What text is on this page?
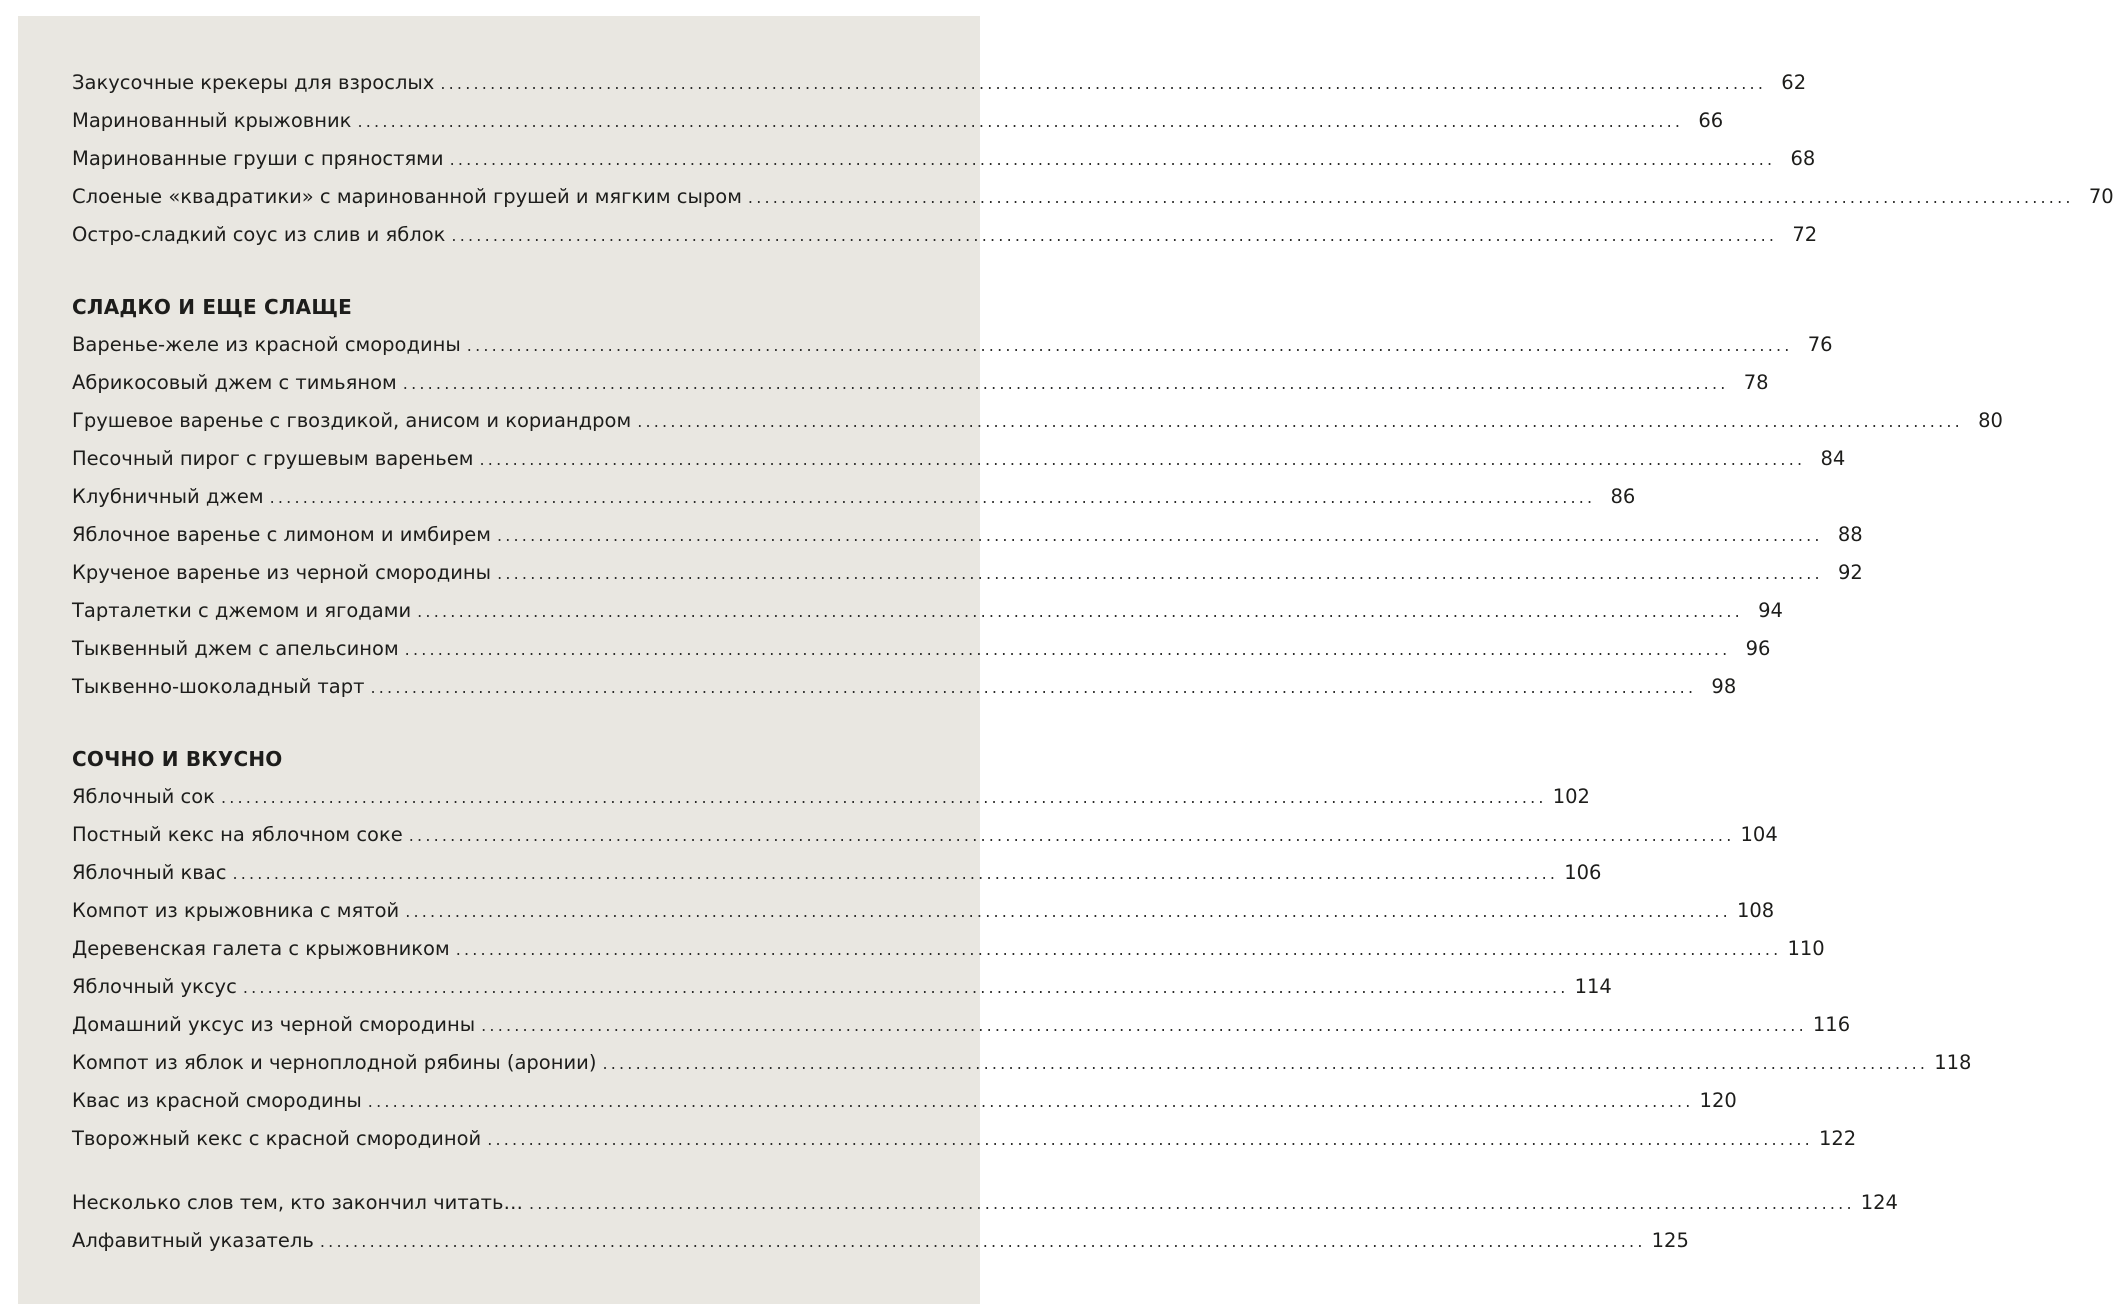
Закусочные крекеры для взрослых ................................................................................................................................................................ 62
Маринованный крыжовник ................................................................................................................................................................ 66
Маринованные груши с пряностями ................................................................................................................................................................ 68
Слоеные «квадратики» с маринованной грушей и мягким сыром ................................................................................................................................................................ 70
Остро-сладкий соус из слив и яблок ................................................................................................................................................................ 72
СЛАДКО И ЕЩЕ СЛАЩЕ
Варенье-желе из красной смородины ................................................................................................................................................................ 76
Абрикосовый джем с тимьяном ................................................................................................................................................................ 78
Грушевое варенье с гвоздикой, анисом и кориандром ................................................................................................................................................................ 80
Песочный пирог с грушевым вареньем ................................................................................................................................................................ 84
Клубничный джем ................................................................................................................................................................ 86
Яблочное варенье с лимоном и имбирем ................................................................................................................................................................ 88
Крученое варенье из черной смородины ................................................................................................................................................................ 92
Тарталетки с джемом и ягодами ................................................................................................................................................................ 94
Тыквенный джем с апельсином ................................................................................................................................................................ 96
Тыквенно-шоколадный тарт ................................................................................................................................................................ 98
СОЧНО И ВКУСНО
Яблочный сок ................................................................................................................................................................ 102
Постный кекс на яблочном соке ................................................................................................................................................................ 104
Яблочный квас ................................................................................................................................................................ 106
Компот из крыжовника с мятой ................................................................................................................................................................ 108
Деревенская галета с крыжовником ................................................................................................................................................................ 110
Яблочный уксус ................................................................................................................................................................ 114
Домашний уксус из черной смородины ................................................................................................................................................................ 116
Компот из яблок и черноплодной рябины (аронии) ................................................................................................................................................................ 118
Квас из красной смородины ................................................................................................................................................................ 120
Творожный кекс с красной смородиной ................................................................................................................................................................ 122
Несколько слов тем, кто закончил читать… ................................................................................................................................................................ 124
Алфавитный указатель ................................................................................................................................................................ 125
